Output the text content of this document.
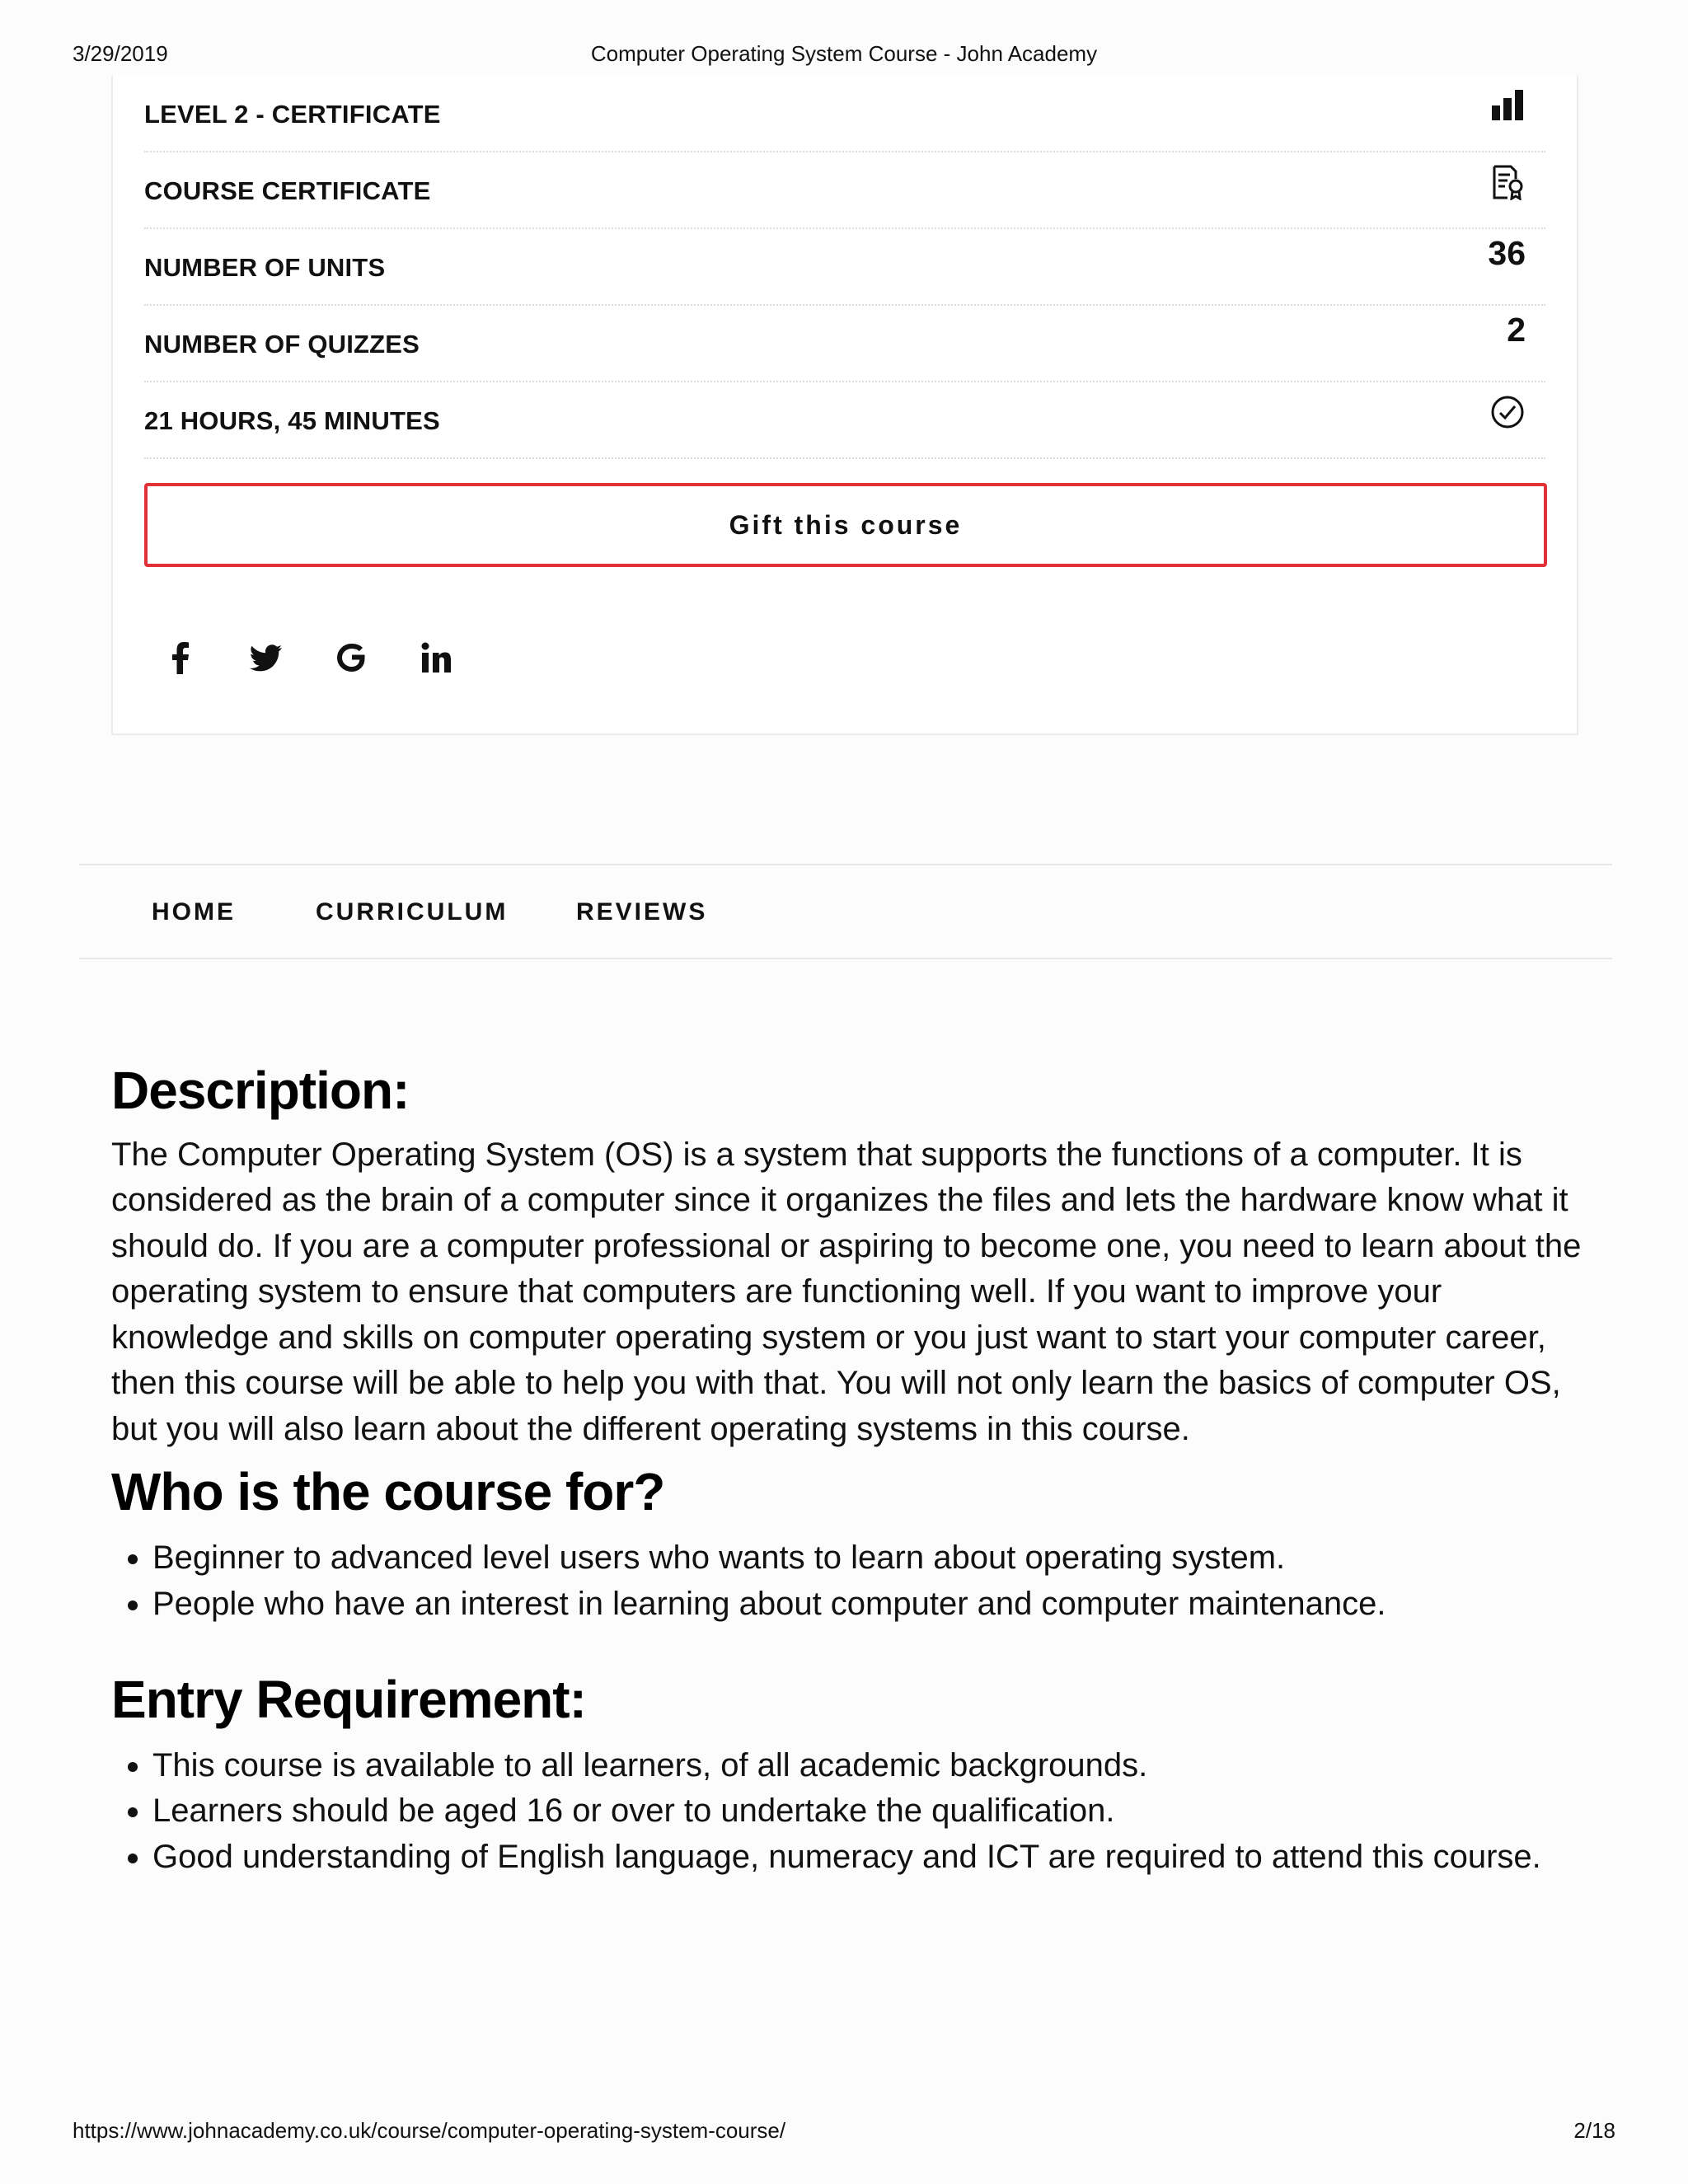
3/29/2019	Computer Operating System Course - John Academy
LEVEL 2 - CERTIFICATE
COURSE CERTIFICATE
NUMBER OF UNITS	36
NUMBER OF QUIZZES	2
21 HOURS, 45 MINUTES
Gift this course
HOME	CURRICULUM	REVIEWS
Description:

The Computer Operating System (OS) is a system that supports the functions of a computer. It is considered as the brain of a computer since it organizes the files and lets the hardware know what it should do. If you are a computer professional or aspiring to become one, you need to learn about the operating system to ensure that computers are functioning well. If you want to improve your knowledge and skills on computer operating system or you just want to start your computer career, then this course will be able to help you with that. You will not only learn the basics of computer OS, but you will also learn about the different operating systems in this course.

Who is the course for?
• Beginner to advanced level users who wants to learn about operating system.
• People who have an interest in learning about computer and computer maintenance.
Entry Requirement:
• This course is available to all learners, of all academic backgrounds.
• Learners should be aged 16 or over to undertake the qualification.
• Good understanding of English language, numeracy and ICT are required to attend this course.
https://www.johnacademy.co.uk/course/computer-operating-system-course/	2/18
